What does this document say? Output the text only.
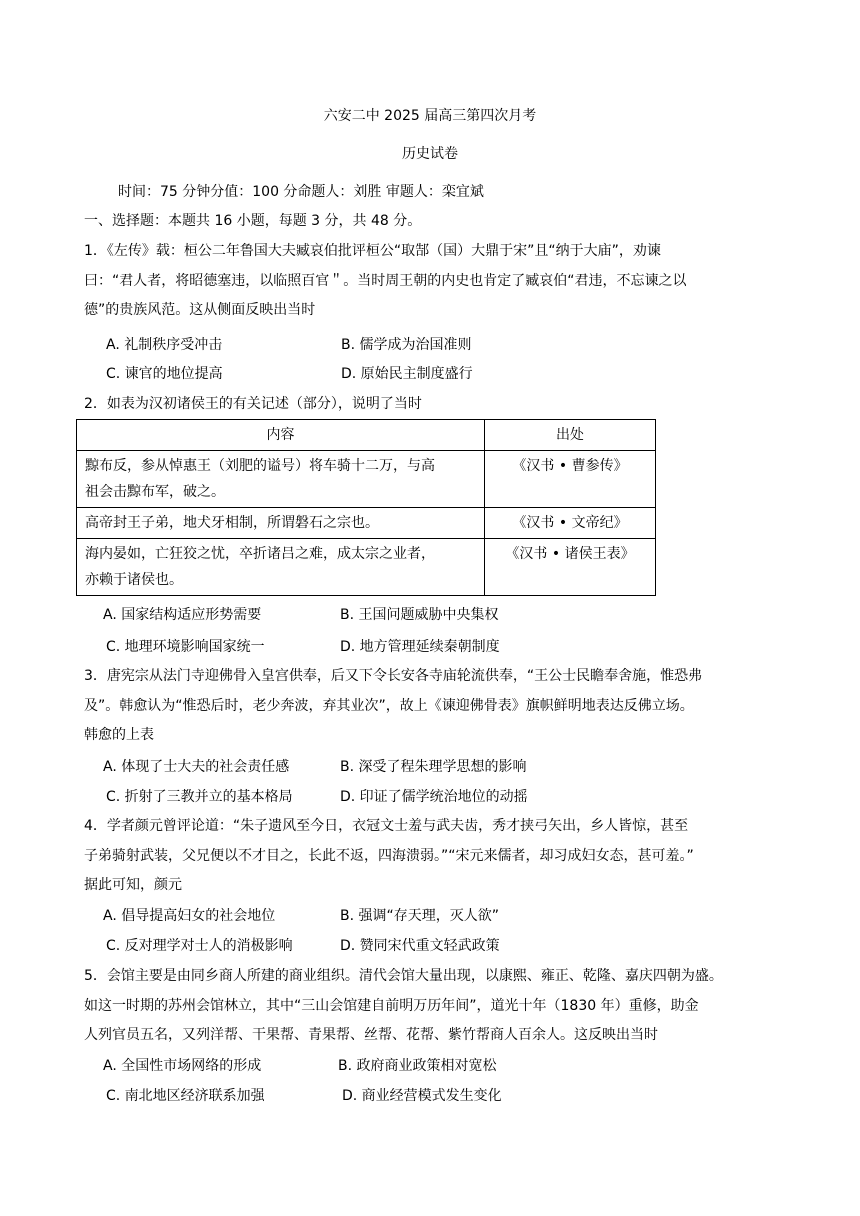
六安二中 2025 届高三第四次月考
历史试卷
时间：75 分钟分值：100 分命题人：刘胜 审题人：栾宜斌
一、选择题：本题共 16 小题，每题 3 分，共 48 分。
1．《左传》载：桓公二年鲁国大夫臧哀伯批评桓公“取郜（国）大鼎于宋”且“纳于大庙”，劝谏
曰：“君人者，将昭德塞违，以临照百官＂。当时周王朝的内史也肯定了臧哀伯“君违，不忘谏之以
德”的贵族风范。这从侧面反映出当时
A. 礼制秩序受冲击	B. 儒学成为治国准则
C. 谏官的地位提高	D. 原始民主制度盛行
2．如表为汉初诸侯王的有关记述（部分），说明了当时
内容	出处

黥布反，参从悼惠王（刘肥的谥号）将车骑十二万，与高
祖会击黥布军，破之。	《汉书 • 曹参传》

高帝封王子弟，地犬牙相制，所谓磐石之宗也。	《汉书 • 文帝纪》

海内晏如，亡狂狡之忧，卒折诸吕之难，成太宗之业者，
亦赖于诸侯也。	《汉书 • 诸侯王表》
A. 国家结构适应形势需要	B. 王国问题威胁中央集权
C. 地理环境影响国家统一	D. 地方管理延续秦朝制度
3．唐宪宗从法门寺迎佛骨入皇宫供奉，后又下令长安各寺庙轮流供奉，“王公士民瞻奉舍施，惟恐弗
及”。韩愈认为“惟恐后时，老少奔波，弃其业次”，故上《谏迎佛骨表》旗帜鲜明地表达反佛立场。
韩愈的上表
A. 体现了士大夫的社会责任感	B. 深受了程朱理学思想的影响
C. 折射了三教并立的基本格局	D. 印证了儒学统治地位的动摇
4．学者颜元曾评论道：“朱子遗风至今日，衣冠文士羞与武夫齿，秀才挟弓矢出，乡人皆惊，甚至
子弟骑射武装，父兄便以不才目之，长此不返，四海溃弱。”“宋元来儒者，却习成妇女态，甚可羞。”
据此可知，颜元
A. 倡导提高妇女的社会地位	B. 强调“存天理，灭人欲”
C. 反对理学对士人的消极影响	D. 赞同宋代重文轻武政策
5．会馆主要是由同乡商人所建的商业组织。清代会馆大量出现，以康熙、雍正、乾隆、嘉庆四朝为盛。
如这一时期的苏州会馆林立，其中“三山会馆建自前明万历年间”，道光十年（1830 年）重修，助金
人列官员五名，又列洋帮、干果帮、青果帮、丝帮、花帮、紫竹帮商人百余人。这反映出当时
A. 全国性市场网络的形成	B. 政府商业政策相对宽松
C. 南北地区经济联系加强	D. 商业经营模式发生变化
